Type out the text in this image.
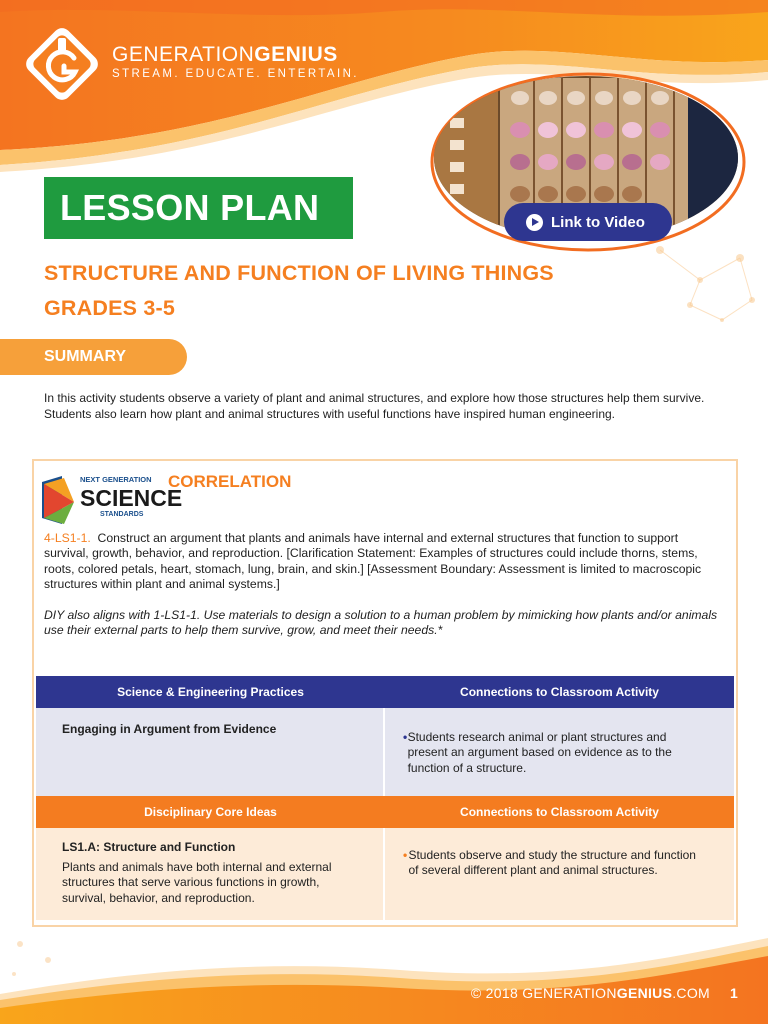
GENERATIONGENIUS
STREAM. EDUCATE. ENTERTAIN.
Link to Video
LESSON PLAN
STRUCTURE AND FUNCTION OF LIVING THINGS
GRADES 3-5
SUMMARY
In this activity students observe a variety of plant and animal structures, and explore how those structures help them survive. Students also learn how plant and animal structures with useful functions have inspired human engineering.
NEXT GENERATION
SCIENCE
STANDARDS
CORRELATION
4-LS1-1. Construct an argument that plants and animals have internal and external structures that function to support survival, growth, behavior, and reproduction. [Clarification Statement: Examples of structures could include thorns, stems, roots, colored petals, heart, stomach, lung, brain, and skin.] [Assessment Boundary: Assessment is limited to macroscopic structures within plant and animal systems.]
DIY also aligns with 1-LS1-1. Use materials to design a solution to a human problem by mimicking how plants and/or animals use their external parts to help them survive, grow, and meet their needs.*
Science & Engineering Practices	Connections to Classroom Activity
Engaging in Argument from Evidence
• Students research animal or plant structures and present an argument based on evidence as to the function of a structure.
Disciplinary Core Ideas	Connections to Classroom Activity
LS1.A: Structure and Function
Plants and animals have both internal and external structures that serve various functions in growth, survival, behavior, and reproduction.
• Students observe and study the structure and function of several different plant and animal structures.
© 2018 GENERATIONGENIUS.COM 1
